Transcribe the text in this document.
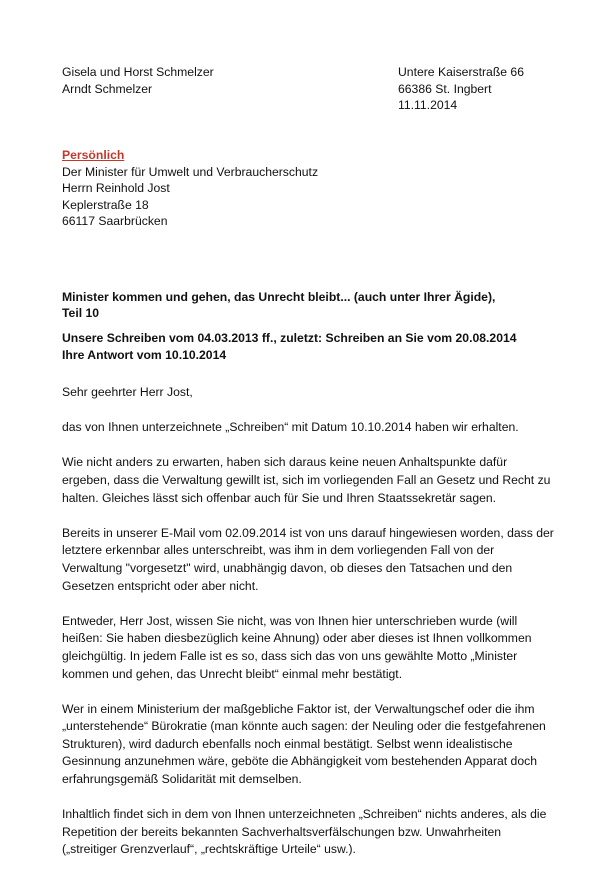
Gisela und Horst Schmelzer
Arndt Schmelzer
Untere Kaiserstraße 66
66386 St. Ingbert
11.11.2014
Persönlich
Der Minister für Umwelt und Verbraucherschutz
Herrn Reinhold Jost
Keplerstraße 18
66117 Saarbrücken
Minister kommen und gehen, das Unrecht bleibt... (auch unter Ihrer Ägide),
Teil 10
Unsere Schreiben vom 04.03.2013 ff., zuletzt: Schreiben an Sie vom 20.08.2014
Ihre Antwort vom 10.10.2014

Sehr geehrter Herr Jost,

das von Ihnen unterzeichnete „Schreiben“ mit Datum 10.10.2014 haben wir erhalten.

Wie nicht anders zu erwarten, haben sich daraus keine neuen Anhaltspunkte dafür ergeben, dass die Verwaltung gewillt ist, sich im vorliegenden Fall an Gesetz und Recht zu halten. Gleiches lässt sich offenbar auch für Sie und Ihren Staatssekretär sagen.

Bereits in unserer E-Mail vom 02.09.2014 ist von uns darauf hingewiesen worden, dass der letztere erkennbar alles unterschreibt, was ihm in dem vorliegenden Fall von der Verwaltung "vorgesetzt" wird, unabhängig davon, ob dieses den Tatsachen und den Gesetzen entspricht oder aber nicht.

Entweder, Herr Jost, wissen Sie nicht, was von Ihnen hier unterschrieben wurde (will heißen: Sie haben diesbezüglich keine Ahnung) oder aber dieses ist Ihnen vollkommen gleichgültig. In jedem Falle ist es so, dass sich das von uns gewählte Motto „Minister kommen und gehen, das Unrecht bleibt“ einmal mehr bestätigt.

Wer in einem Ministerium der maßgebliche Faktor ist, der Verwaltungschef oder die ihm „unterstehende“ Bürokratie (man könnte auch sagen: der Neuling oder die festgefahrenen Strukturen), wird dadurch ebenfalls noch einmal bestätigt. Selbst wenn idealistische Gesinnung anzunehmen wäre, geböte die Abhängigkeit vom bestehenden Apparat doch erfahrungsgemäß Solidarität mit demselben.

Inhaltlich findet sich in dem von Ihnen unterzeichneten „Schreiben“ nichts anderes, als die Repetition der bereits bekannten Sachverhaltsverfälschungen bzw. Unwahrheiten („streitiger Grenzverlauf“, „rechtskräftige Urteile“ usw.).
